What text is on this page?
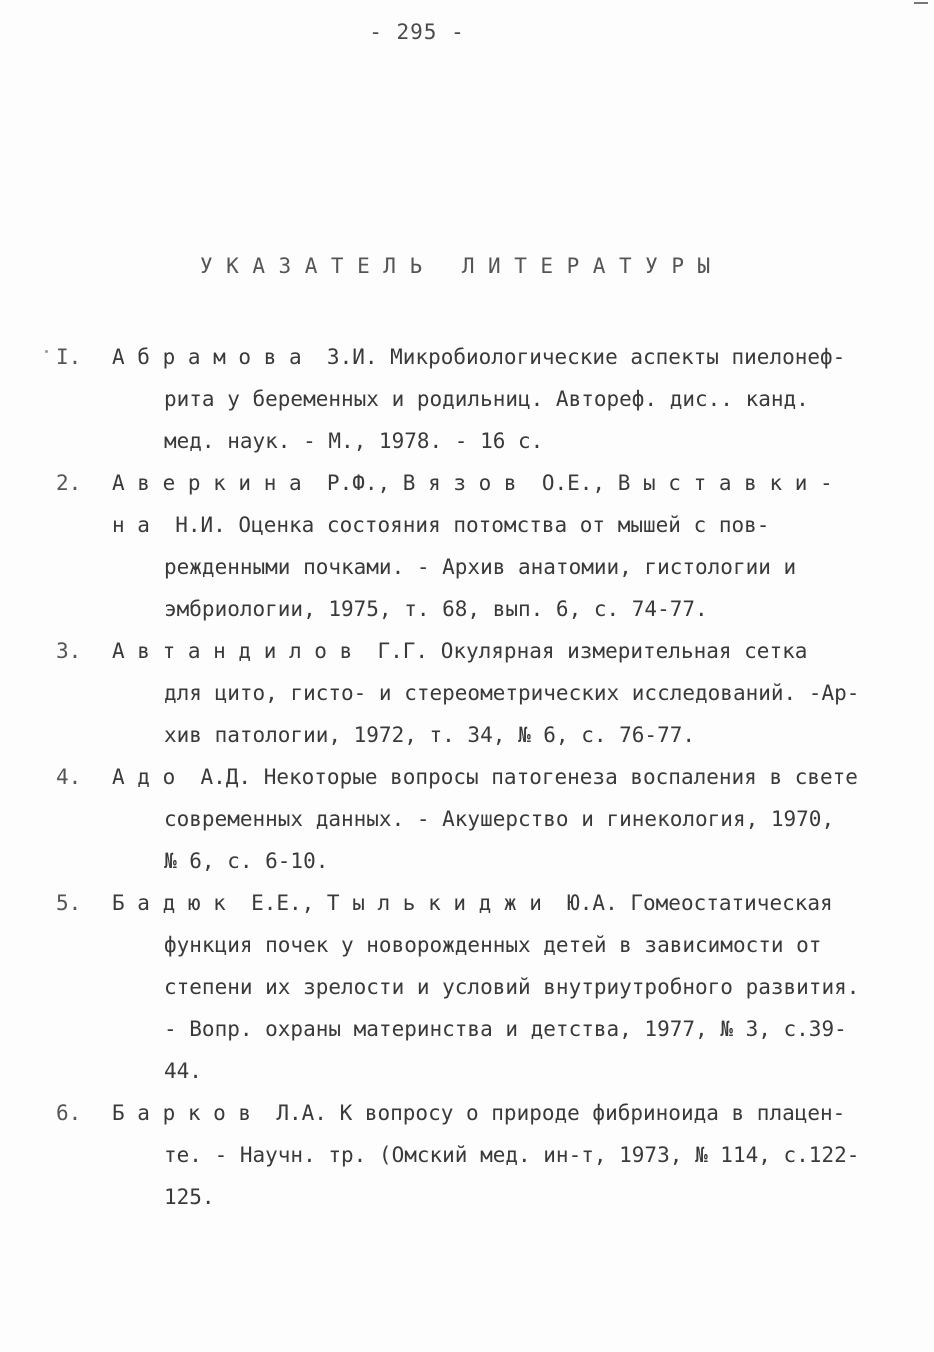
- 295 -
У К А З А Т Е Л Ь   Л И Т Е Р А Т У Р Ы
I.	А б р а м о в а  З.И. Микробиологические аспекты пиелонеф-
рита у беременных и родильниц. Автореф. дис.. канд.
мед. наук. - М., 1978. - 16 с.
2.	А в е р к и н а  Р.Ф., В я з о в  О.Е., В ы с т а в к и -
н а  Н.И. Оценка состояния потомства от мышей с пов-
режденными почками. - Архив анатомии, гистологии и
эмбриологии, 1975, т. 68, вып. 6, с. 74-77.
3.	А в т а н д и л о в  Г.Г. Окулярная измерительная сетка
для цито, гисто- и стереометрических исследований. -Ар-
хив патологии, 1972, т. 34, № 6, с. 76-77.
4.	А д о  А.Д. Некоторые вопросы патогенеза воспаления в свете
современных данных. - Акушерство и гинекология, 1970,
№ 6, с. 6-10.
5.	Б а д ю к  Е.Е., Т ы л ь к и д ж и  Ю.А. Гомеостатическая
функция почек у новорожденных детей в зависимости от
степени их зрелости и условий внутриутробного развития.
- Вопр. охраны материнства и детства, 1977, № 3, с.39-
44.
6.	Б а р к о в  Л.А. К вопросу о природе фибриноида в плацен-
те. - Научн. тр. (Омский мед. ин-т, 1973, № 114, с.122-
125.
